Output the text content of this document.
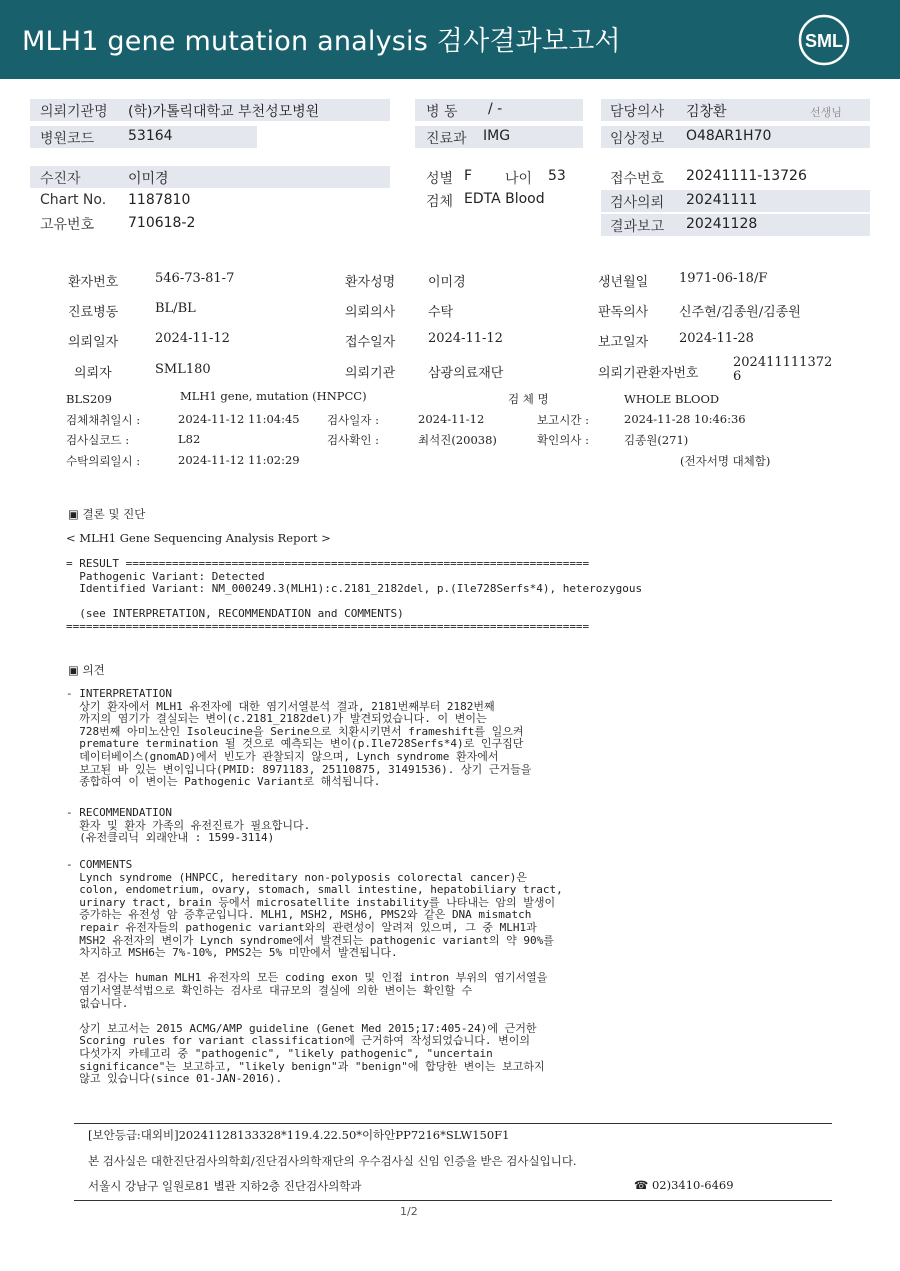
MLH1 gene mutation analysis 검사결과보고서	SML
의뢰기관명 (학)가톨릭대학교 부천성모병원
병원코드 53164
병 동 / -
진료과 IMG
담당의사 김창환	선생님
임상정보 O48AR1H70
수진자	이미경
Chart No. 1187810
고유번호 710618-2
성별 F 나이 53
검체 EDTA Blood
접수번호 20241111-13726
검사의뢰 20241111
결과보고 20241128
환자번호	546-73-81-7	환자성명	이미경	생년월일 1971-06-18/F
진료병동	BL/BL	의뢰의사	수탁	판독의사 신주현/김종원/김종원
의뢰일자	2024-11-12	접수일자	2024-11-12	보고일자 2024-11-28
의뢰자	SML180	의뢰기관	삼광의료재단	의뢰기관환자번호
202411111372
6
BLS209	MLH1 gene, mutation (HNPCC)	검 체 명	WHOLE BLOOD
검체채취일시 :	2024-11-12 11:04:45 검사일자 :	2024-11-12	보고시간 :	2024-11-28 10:46:36
검사실코드 :	L82	검사확인 :	최석진(20038)	확인의사 :	김종원(271)
수탁의뢰일시 :	2024-11-12 11:02:29	(전자서명 대체함)
▣ 결론 및 진단
< MLH1 Gene Sequencing Analysis Report >
= RESULT ======================================================================
Pathogenic Variant: Detected
Identified Variant: NM_000249.3(MLH1):c.2181_2182del, p.(Ile728Serfs*4), heterozygous

(see INTERPRETATION, RECOMMENDATION and COMMENTS)
===============================================================================
▣ 의견
- INTERPRETATION
상기 환자에서 MLH1 유전자에 대한 염기서열분석 결과, 2181번째부터 2182번째
까지의 염기가 결실되는 변이(c.2181_2182del)가 발견되었습니다. 이 변이는
728번째 아미노산인 Isoleucine을 Serine으로 치환시키면서 frameshift를 일으켜
premature termination 될 것으로 예측되는 변이(p.Ile728Serfs*4)로 인구집단
데이터베이스(gnomAD)에서 빈도가 관찰되지 않으며, Lynch syndrome 환자에서
보고된 바 있는 변이입니다(PMID: 8971183, 25110875, 31491536). 상기 근거들을
종합하여 이 변이는 Pathogenic Variant로 해석됩니다.
- RECOMMENDATION
환자 및 환자 가족의 유전진료가 필요합니다.
(유전클리닉 외래안내 : 1599-3114)
- COMMENTS
Lynch syndrome (HNPCC, hereditary non-polyposis colorectal cancer)은
colon, endometrium, ovary, stomach, small intestine, hepatobiliary tract,
urinary tract, brain 등에서 microsatellite instability를 나타내는 암의 발생이
증가하는 유전성 암 증후군입니다. MLH1, MSH2, MSH6, PMS2와 같은 DNA mismatch
repair 유전자들의 pathogenic variant와의 관련성이 알려져 있으며, 그 중 MLH1과
MSH2 유전자의 변이가 Lynch syndrome에서 발견되는 pathogenic variant의 약 90%를
차지하고 MSH6는 7%-10%, PMS2는 5% 미만에서 발견됩니다.

본 검사는 human MLH1 유전자의 모든 coding exon 및 인접 intron 부위의 염기서열을
염기서열분석법으로 확인하는 검사로 대규모의 결실에 의한 변이는 확인할 수
없습니다.

상기 보고서는 2015 ACMG/AMP guideline (Genet Med 2015;17:405-24)에 근거한
Scoring rules for variant classification에 근거하여 작성되었습니다. 변이의
다섯가지 카테고리 중 "pathogenic", "likely pathogenic", "uncertain
significance"는 보고하고, "likely benign"과 "benign"에 합당한 변이는 보고하지
않고 있습니다(since 01-JAN-2016).
[보안등급:대외비]20241128133328*119.4.22.50*이하안PP7216*SLW150F1
본 검사실은 대한진단검사의학회/진단검사의학재단의 우수검사실 신임 인증을 받은 검사실입니다.
서울시 강남구 일원로81 별관 지하2층 진단검사의학과	☎ 02)3410-6469
1/2
